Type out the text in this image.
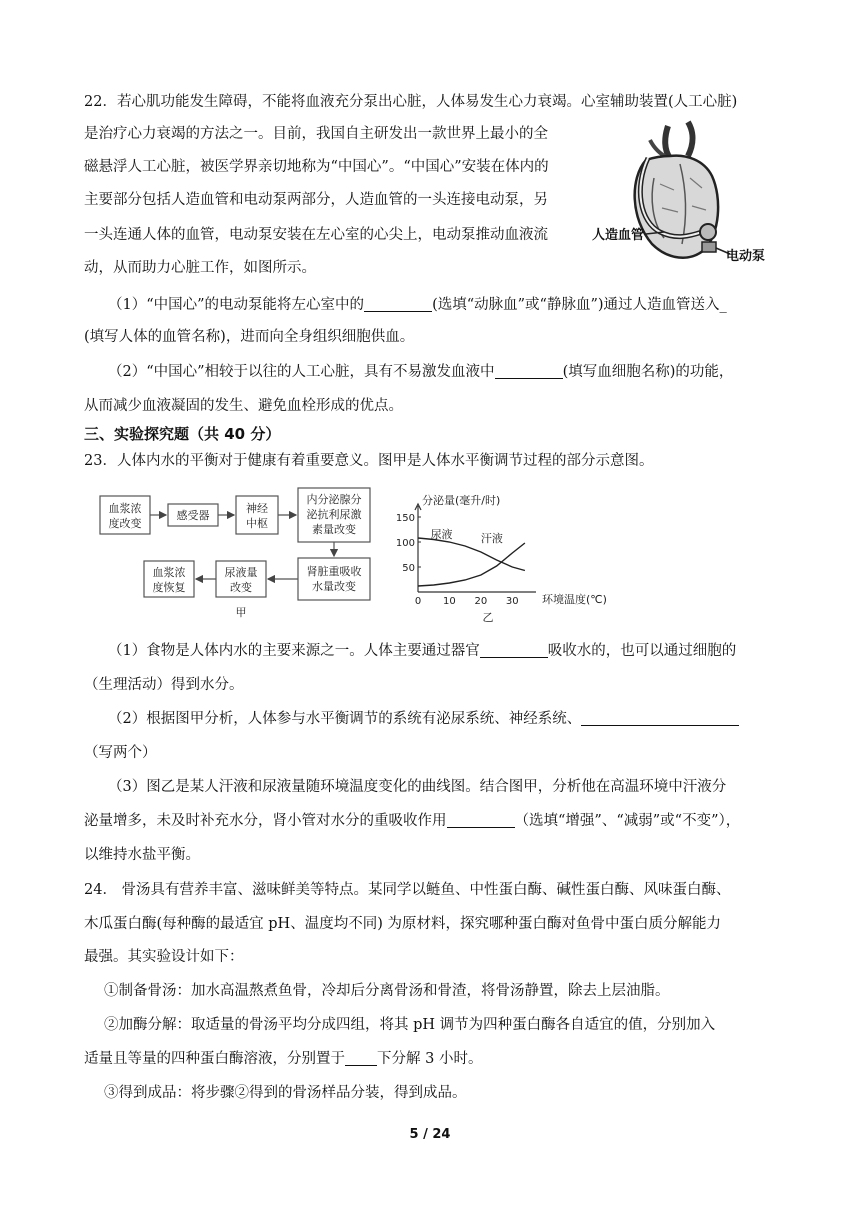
22．若心肌功能发生障碍，不能将血液充分泵出心脏，人体易发生心力衰竭。心室辅助装置(人工心脏)
是治疗心力衰竭的方法之一。目前，我国自主研发出一款世界上最小的全
磁悬浮人工心脏，被医学界亲切地称为“中国心”。“中国心”安装在体内的
主要部分包括人造血管和电动泵两部分，人造血管的一头连接电动泵，另
一头连通人体的血管，电动泵安装在左心室的心尖上，电动泵推动血液流
动，从而助力心脏工作，如图所示。
人造血管
电动泵
（1）“中国心”的电动泵能将左心室中的	(选填“动脉血”或“静脉血”)通过人造血管送入_
(填写人体的血管名称)，进而向全身组织细胞供血。
（2）“中国心”相较于以往的人工心脏，具有不易激发血液中	(填写血细胞名称)的功能，
从而减少血液凝固的发生、避免血栓形成的优点。
三、实验探究题（共 40 分）
23．人体内水的平衡对于健康有着重要意义。图甲是人体水平衡调节过程的部分示意图。
血浆浓
度改变
感受器
神经
中枢
内分泌腺分
泌抗利尿激
素量改变
肾脏重吸收
水量改变
尿液量
改变
血浆浓
度恢复
甲
分泌量(毫升/时)
环境温度(℃)
乙
0 10 20 30
50
100
150
尿液	汗液
（1）食物是人体内水的主要来源之一。人体主要通过器官	吸收水的，也可以通过细胞的
（生理活动）得到水分。
（2）根据图甲分析，人体参与水平衡调节的系统有泌尿系统、神经系统、
（写两个）
（3）图乙是某人汗液和尿液量随环境温度变化的曲线图。结合图甲，分析他在高温环境中汗液分
泌量增多，未及时补充水分，肾小管对水分的重吸收作用	（选填“增强”、“减弱”或“不变”），
以维持水盐平衡。
24． 骨汤具有营养丰富、滋味鲜美等特点。某同学以鲢鱼、中性蛋白酶、碱性蛋白酶、风味蛋白酶、
木瓜蛋白酶(每种酶的最适宜 pH、温度均不同) 为原材料，探究哪种蛋白酶对鱼骨中蛋白质分解能力
最强。其实验设计如下：
①制备骨汤：加水高温熬煮鱼骨，冷却后分离骨汤和骨渣，将骨汤静置，除去上层油脂。
②加酶分解：取适量的骨汤平均分成四组，将其 pH 调节为四种蛋白酶各自适宜的值，分别加入
适量且等量的四种蛋白酶溶液，分别置于 下分解 3 小时。
③得到成品：将步骤②得到的骨汤样品分装，得到成品。
5 / 24
